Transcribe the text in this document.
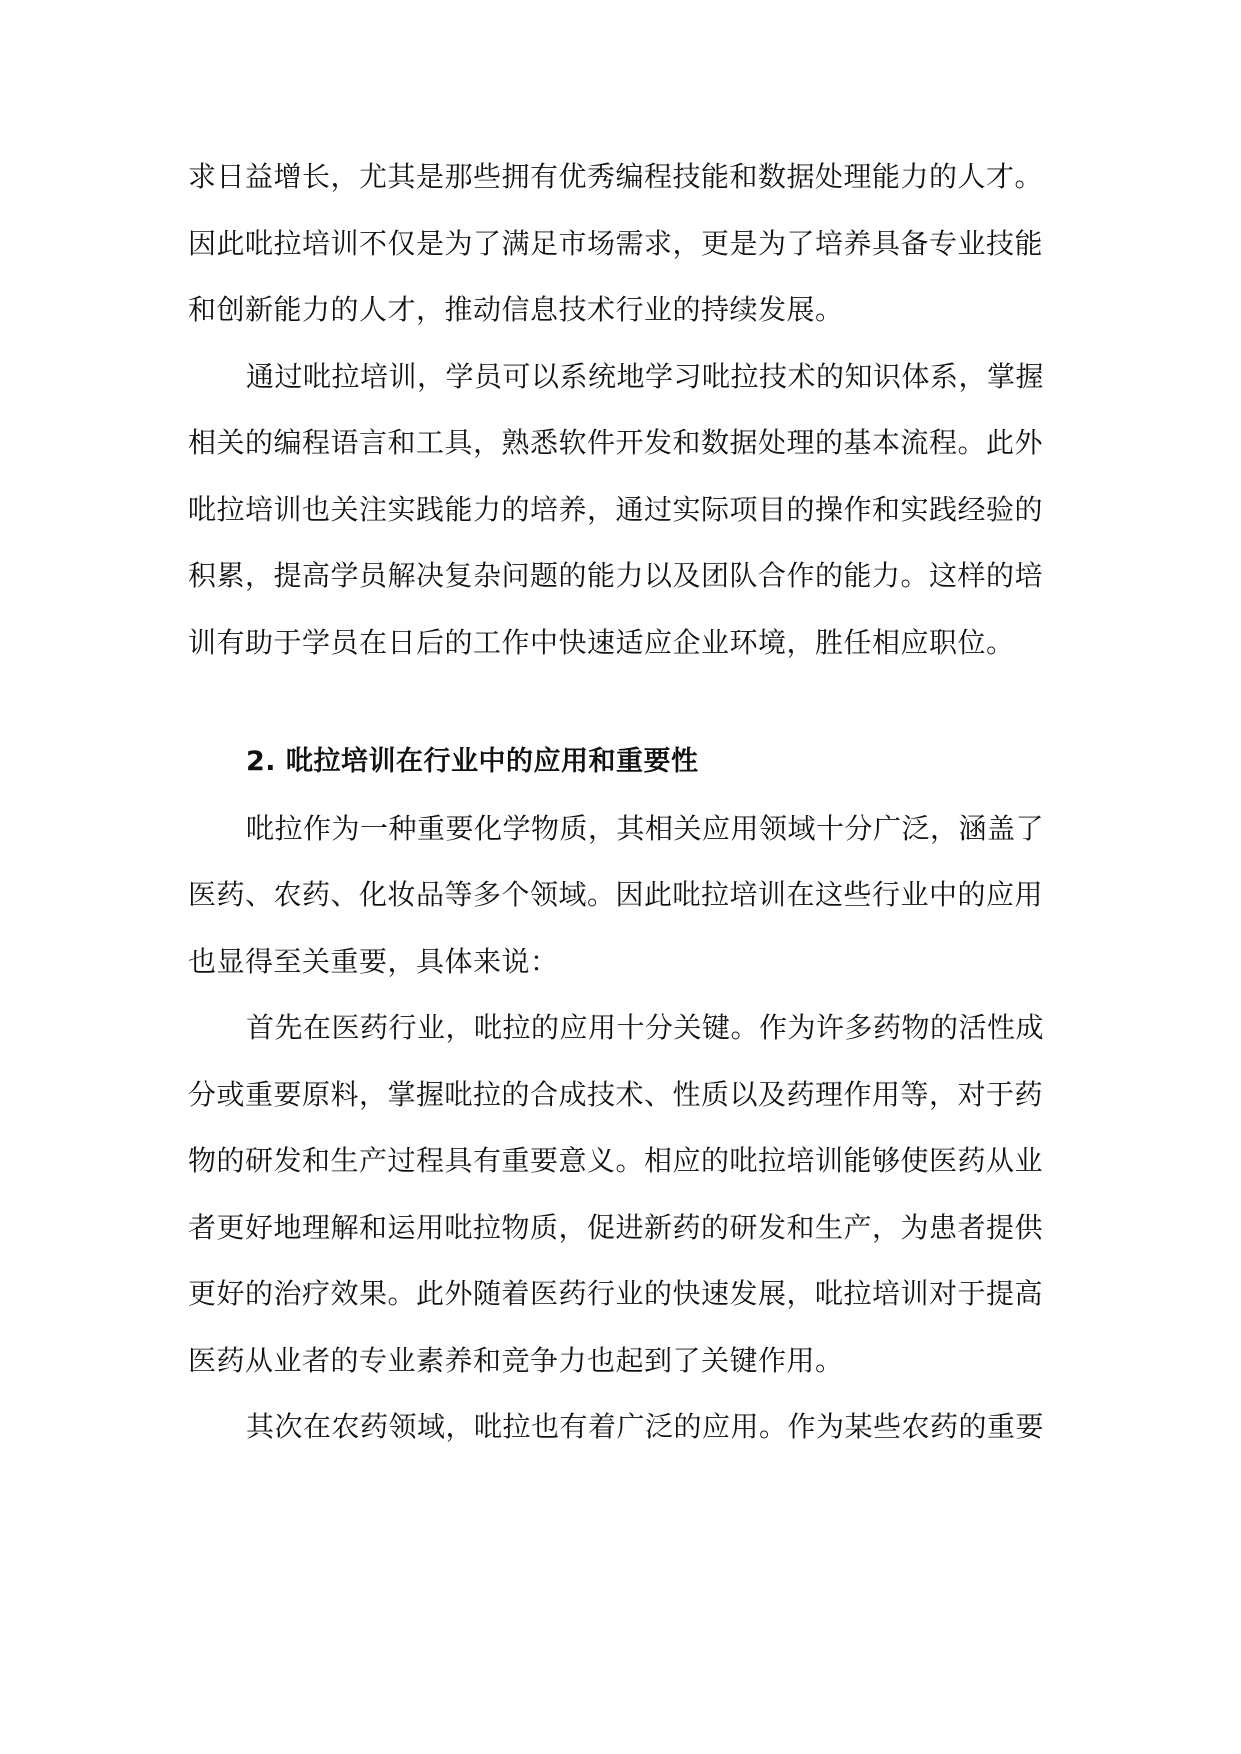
求日益增长，尤其是那些拥有优秀编程技能和数据处理能力的人才。
因此吡拉培训不仅是为了满足市场需求，更是为了培养具备专业技能
和创新能力的人才，推动信息技术行业的持续发展。

通过吡拉培训，学员可以系统地学习吡拉技术的知识体系，掌握
相关的编程语言和工具，熟悉软件开发和数据处理的基本流程。此外
吡拉培训也关注实践能力的培养，通过实际项目的操作和实践经验的
积累，提高学员解决复杂问题的能力以及团队合作的能力。这样的培
训有助于学员在日后的工作中快速适应企业环境，胜任相应职位。

2. 吡拉培训在行业中的应用和重要性

吡拉作为一种重要化学物质，其相关应用领域十分广泛，涵盖了
医药、农药、化妆品等多个领域。因此吡拉培训在这些行业中的应用
也显得至关重要，具体来说：

首先在医药行业，吡拉的应用十分关键。作为许多药物的活性成
分或重要原料，掌握吡拉的合成技术、性质以及药理作用等，对于药
物的研发和生产过程具有重要意义。相应的吡拉培训能够使医药从业
者更好地理解和运用吡拉物质，促进新药的研发和生产，为患者提供
更好的治疗效果。此外随着医药行业的快速发展，吡拉培训对于提高
医药从业者的专业素养和竞争力也起到了关键作用。

其次在农药领域，吡拉也有着广泛的应用。作为某些农药的重要
